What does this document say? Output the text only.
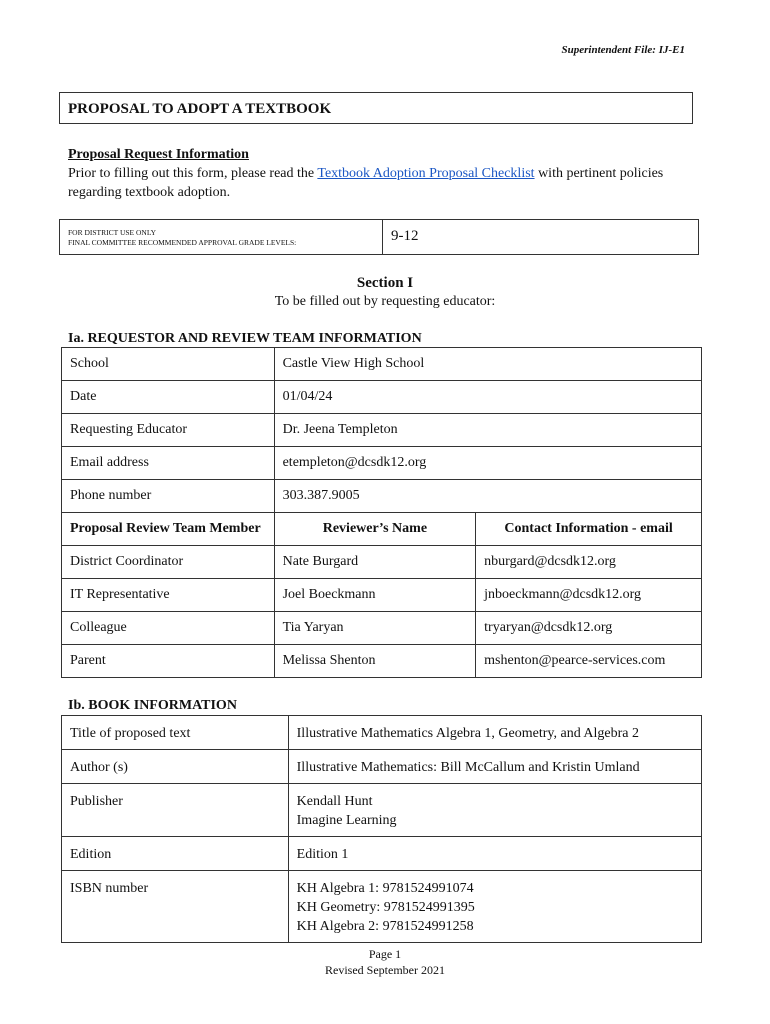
Superintendent File: IJ-E1
PROPOSAL TO ADOPT A TEXTBOOK
Proposal Request Information
Prior to filling out this form, please read the Textbook Adoption Proposal Checklist with pertinent policies regarding textbook adoption.
FOR DISTRICT USE ONLY
FINAL COMMITTEE RECOMMENDED APPROVAL GRADE LEVELS:	9-12
Section I
To be filled out by requesting educator:
Ia. REQUESTOR AND REVIEW TEAM INFORMATION
School	Castle View High School	
Date	01/04/24	
Requesting Educator	Dr. Jeena Templeton	
Email address	etempleton@dcsdk12.org	
Phone number	303.387.9005	
Proposal Review Team Member	Reviewer’s Name	Contact Information - email
District Coordinator	Nate Burgard	nburgard@dcsdk12.org
IT Representative	Joel Boeckmann	jnboeckmann@dcsdk12.org
Colleague	Tia Yaryan	tryaryan@dcsdk12.org
Parent	Melissa Shenton	mshenton@pearce-services.com
Ib. BOOK INFORMATION
Title of proposed text	Illustrative Mathematics Algebra 1, Geometry, and Algebra 2

Author (s)	Illustrative Mathematics: Bill McCallum and Kristin Umland

Publisher	Kendall Hunt
Imagine Learning

Edition	Edition 1

ISBN number	KH Algebra 1: 9781524991074
KH Geometry: 9781524991395
KH Algebra 2: 9781524991258
Page 1
Revised September 2021
